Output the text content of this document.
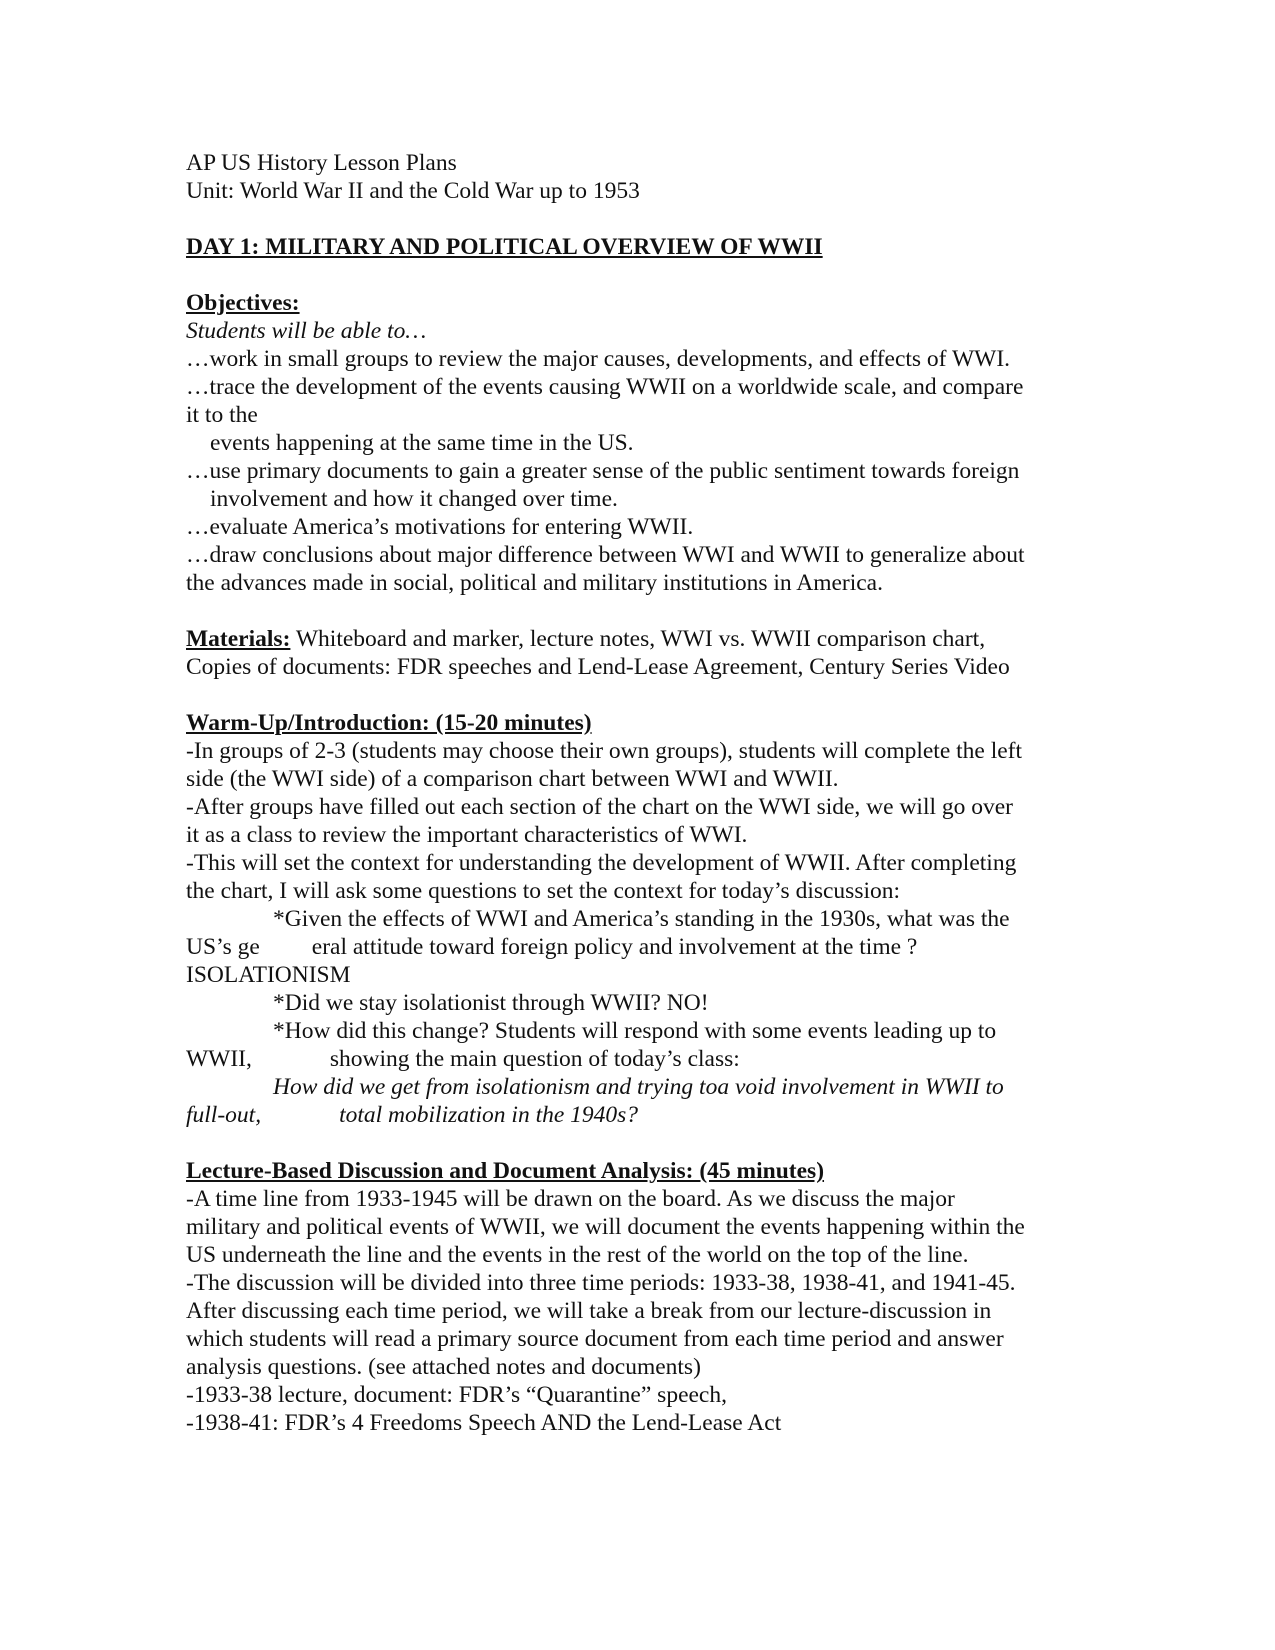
AP US History Lesson Plans
Unit: World War II and the Cold War up to 1953
DAY 1: MILITARY AND POLITICAL OVERVIEW OF WWII
Objectives:
Students will be able to…
…work in small groups to review the major causes, developments, and effects of WWI.
…trace the development of the events causing WWII on a worldwide scale, and compare
it to the
events happening at the same time in the US.
…use primary documents to gain a greater sense of the public sentiment towards foreign
involvement and how it changed over time.
…evaluate America’s motivations for entering WWII.
…draw conclusions about major difference between WWI and WWII to generalize about
the advances made in social, political and military institutions in America.
Materials: Whiteboard and marker, lecture notes, WWI vs. WWII comparison chart,
Copies of documents: FDR speeches and Lend-Lease Agreement, Century Series Video
Warm-Up/Introduction: (15-20 minutes)
-In groups of 2-3 (students may choose their own groups), students will complete the left
side (the WWI side) of a comparison chart between WWI and WWII.
-After groups have filled out each section of the chart on the WWI side, we will go over
it as a class to review the important characteristics of WWI.
-This will set the context for understanding the development of WWII. After completing
the chart, I will ask some questions to set the context for today’s discussion:
*Given the effects of WWI and America’s standing in the 1930s, what was the
US’s ge eral attitude toward foreign policy and involvement at the time ?
ISOLATIONISM
*Did we stay isolationist through WWII? NO!
*How did this change? Students will respond with some events leading up to
WWII,	showing the main question of today’s class:
How did we get from isolationism and trying toa void involvement in WWII to
full-out,	total mobilization in the 1940s?
Lecture-Based Discussion and Document Analysis: (45 minutes)
-A time line from 1933-1945 will be drawn on the board. As we discuss the major
military and political events of WWII, we will document the events happening within the
US underneath the line and the events in the rest of the world on the top of the line.
-The discussion will be divided into three time periods: 1933-38, 1938-41, and 1941-45.
After discussing each time period, we will take a break from our lecture-discussion in
which students will read a primary source document from each time period and answer
analysis questions. (see attached notes and documents)
-1933-38 lecture, document: FDR’s “Quarantine” speech,
-1938-41: FDR’s 4 Freedoms Speech AND the Lend-Lease Act
